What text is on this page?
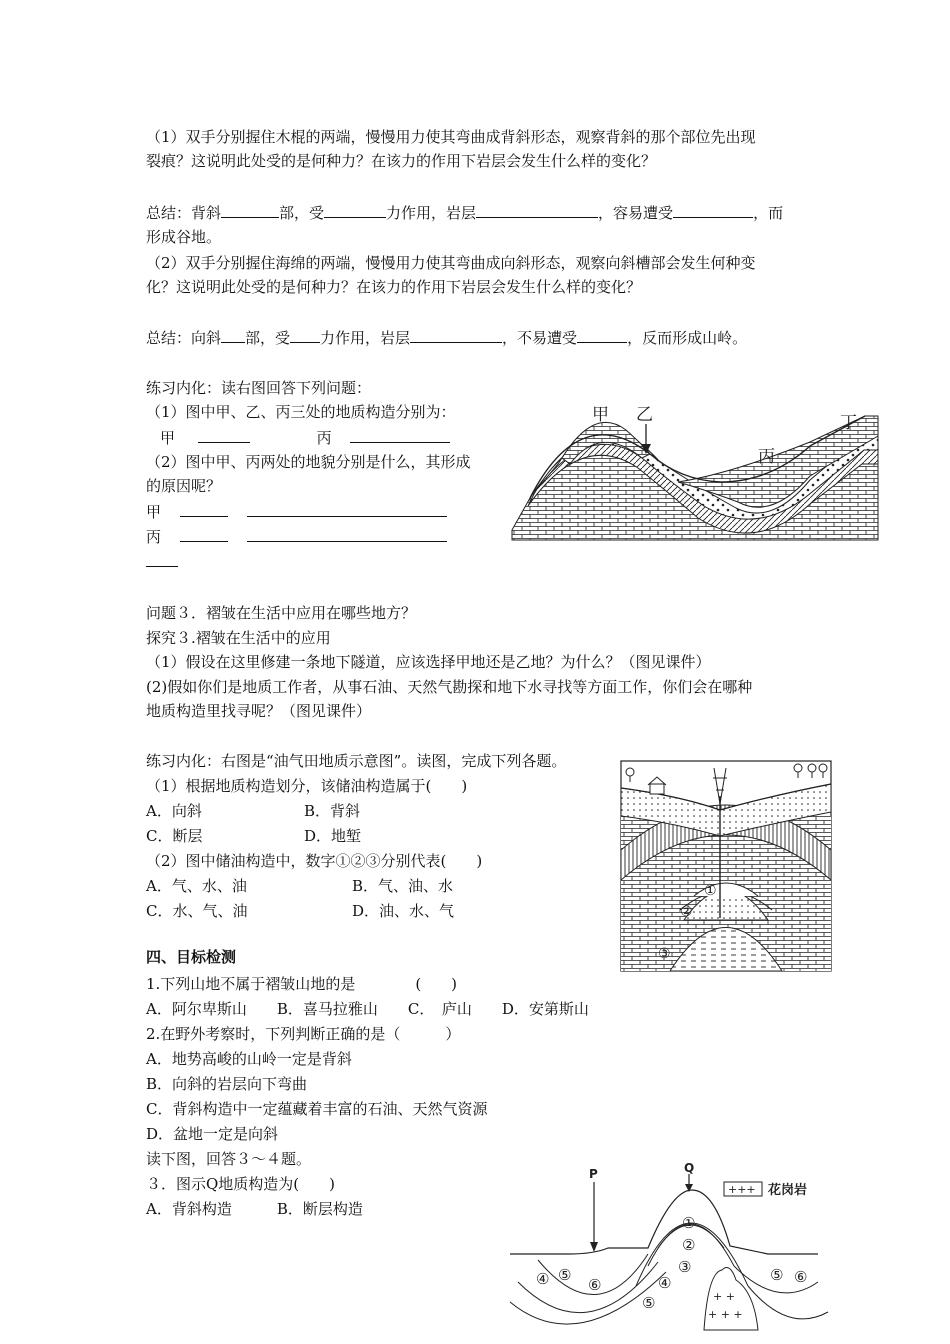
（1）双手分别握住木棍的两端，慢慢用力使其弯曲成背斜形态，观察背斜的那个部位先出现
裂痕？这说明此处受的是何种力？在该力的作用下岩层会发生什么样的变化？
总结：背斜	部，受	力作用，岩层	，容易遭受	，而
形成谷地。
（2）双手分别握住海绵的两端，慢慢用力使其弯曲成向斜形态，观察向斜槽部会发生何种变
化？这说明此处受的是何种力？在该力的作用下岩层会发生什么样的变化？
总结：向斜 部，受 力作用，岩层	，不易遭受	，反而形成山岭。
练习内化：读右图回答下列问题：
（1）图中甲、乙、丙三处的地质构造分别为：
甲	丙
（2）图中甲、丙两处的地貌分别是什么，其形成
的原因呢？
甲
丙
甲 乙
丙
丁
问题３．褶皱在生活中应用在哪些地方？
探究３.褶皱在生活中的应用
（1）假设在这里修建一条地下隧道，应该选择甲地还是乙地？为什么？（图见课件）
(2)假如你们是地质工作者，从事石油、天然气勘探和地下水寻找等方面工作，你们会在哪种
地质构造里找寻呢？（图见课件）
练习内化：右图是“油气田地质示意图”。读图，完成下列各题。
（1）根据地质构造划分，该储油构造属于(　　)
A．向斜	B．背斜
C．断层	D．地堑
（2）图中储油构造中，数字①②③分别代表(　　)
A．气、水、油	B．气、油、水
C．水、气、油	D．油、水、气
①
②
③
四、目标检测
1.下列山地不属于褶皱山地的是　　　　(　　)
A．阿尔卑斯山　　B．喜马拉雅山　　C．　庐山　　D．安第斯山
2.在野外考察时，下列判断正确的是（　　　）
A．地势高峻的山岭一定是背斜
B．向斜的岩层向下弯曲
C．背斜构造中一定蕴藏着丰富的石油、天然气资源
D．盆地一定是向斜
读下图，回答３～４题。
３．图示Q地质构造为(　　)
A．背斜构造　　　B．断层构造
+ +
+ + +
P	Q
+++ 花岗岩
①
②
③
④
⑤
④ ⑤
⑥
⑤ ⑥
